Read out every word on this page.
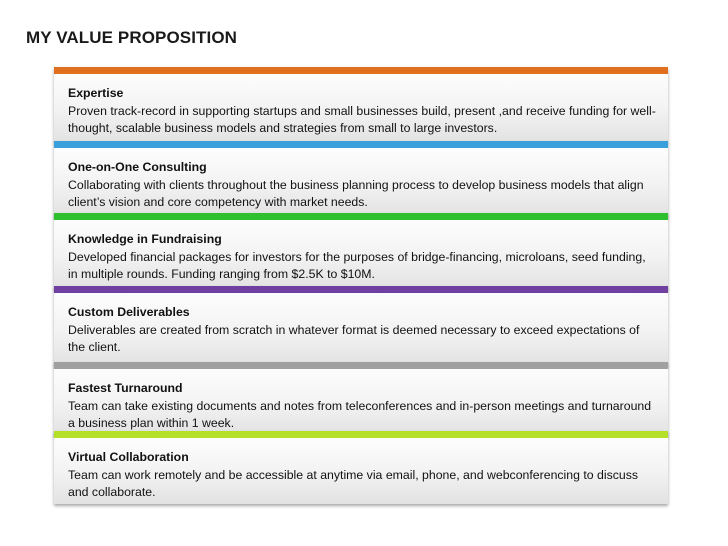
MY VALUE PROPOSITION
Expertise
Proven track-record in supporting startups and small businesses build, present ,and receive funding for well-thought, scalable business models and strategies from small to large investors.
One-on-One Consulting
Collaborating with clients throughout the business planning process to develop business models that align client’s vision and core competency with market needs.
Knowledge in Fundraising
Developed financial packages for investors for the purposes of bridge-financing, microloans, seed funding, in multiple rounds. Funding ranging from $2.5K to $10M.
Custom Deliverables
Deliverables are created from scratch in whatever format is deemed necessary to exceed expectations of the client.
Fastest Turnaround
Team can take existing documents and notes from teleconferences and in-person meetings and turnaround a business plan within 1 week.
Virtual Collaboration
Team can work remotely and be accessible at anytime via email, phone, and webconferencing to discuss and collaborate.
